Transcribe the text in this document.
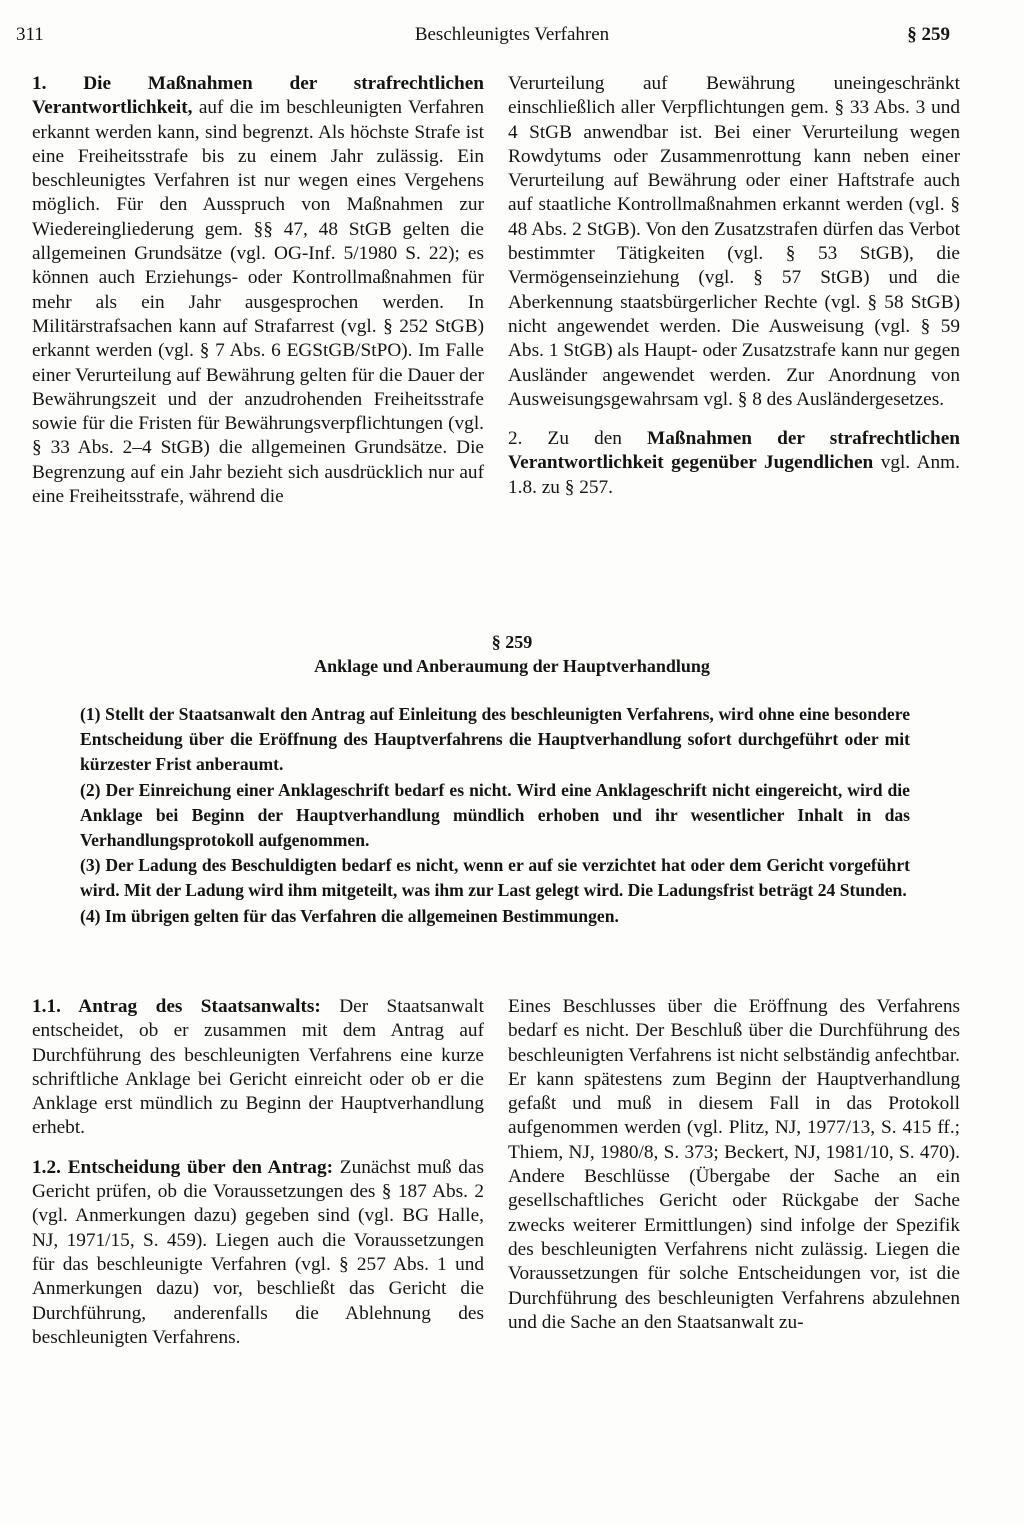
311	Beschleunigtes Verfahren	§ 259

1. Die Maßnahmen der strafrechtlichen Verantwortlichkeit, auf die im beschleunigten Verfahren erkannt werden kann, sind begrenzt. Als höchste Strafe ist eine Freiheitsstrafe bis zu einem Jahr zulässig. Ein beschleunigtes Verfahren ist nur wegen eines Vergehens möglich. Für den Ausspruch von Maßnahmen zur Wiedereingliederung gem. §§ 47, 48 StGB gelten die allgemeinen Grundsätze (vgl. OG-Inf. 5/1980 S. 22); es können auch Erziehungs- oder Kontrollmaßnahmen für mehr als ein Jahr ausgesprochen werden. In Militärstrafsachen kann auf Strafarrest (vgl. § 252 StGB) erkannt werden (vgl. § 7 Abs. 6 EGStGB/StPO). Im Falle einer Verurteilung auf Bewährung gelten für die Dauer der Bewährungszeit und der anzudrohenden Freiheitsstrafe sowie für die Fristen für Bewährungsverpflichtungen (vgl. § 33 Abs. 2–4 StGB) die allgemeinen Grundsätze. Die Begrenzung auf ein Jahr bezieht sich ausdrücklich nur auf eine Freiheitsstrafe, während die

Verurteilung auf Bewährung uneingeschränkt einschließlich aller Verpflichtungen gem. § 33 Abs. 3 und 4 StGB anwendbar ist. Bei einer Verurteilung wegen Rowdytums oder Zusammenrottung kann neben einer Verurteilung auf Bewährung oder einer Haftstrafe auch auf staatliche Kontrollmaßnahmen erkannt werden (vgl. § 48 Abs. 2 StGB). Von den Zusatzstrafen dürfen das Verbot bestimmter Tätigkeiten (vgl. § 53 StGB), die Vermögenseinziehung (vgl. § 57 StGB) und die Aberkennung staatsbürgerlicher Rechte (vgl. § 58 StGB) nicht angewendet werden. Die Ausweisung (vgl. § 59 Abs. 1 StGB) als Haupt- oder Zusatzstrafe kann nur gegen Ausländer angewendet werden. Zur Anordnung von Ausweisungsgewahrsam vgl. § 8 des Ausländergesetzes.

2. Zu den Maßnahmen der strafrechtlichen Verantwortlichkeit gegenüber Jugendlichen vgl. Anm. 1.8. zu § 257.

§ 259
Anklage und Anberaumung der Hauptverhandlung

(1) Stellt der Staatsanwalt den Antrag auf Einleitung des beschleunigten Verfahrens, wird ohne eine besondere Entscheidung über die Eröffnung des Hauptverfahrens die Hauptverhandlung sofort durchgeführt oder mit kürzester Frist anberaumt.

(2) Der Einreichung einer Anklageschrift bedarf es nicht. Wird eine Anklageschrift nicht eingereicht, wird die Anklage bei Beginn der Hauptverhandlung mündlich erhoben und ihr wesentlicher Inhalt in das Verhandlungsprotokoll aufgenommen.

(3) Der Ladung des Beschuldigten bedarf es nicht, wenn er auf sie verzichtet hat oder dem Gericht vorgeführt wird. Mit der Ladung wird ihm mitgeteilt, was ihm zur Last gelegt wird. Die Ladungsfrist beträgt 24 Stunden.

(4) Im übrigen gelten für das Verfahren die allgemeinen Bestimmungen.

1.1. Antrag des Staatsanwalts: Der Staatsanwalt entscheidet, ob er zusammen mit dem Antrag auf Durchführung des beschleunigten Verfahrens eine kurze schriftliche Anklage bei Gericht einreicht oder ob er die Anklage erst mündlich zu Beginn der Hauptverhandlung erhebt.

1.2. Entscheidung über den Antrag: Zunächst muß das Gericht prüfen, ob die Voraussetzungen des § 187 Abs. 2 (vgl. Anmerkungen dazu) gegeben sind (vgl. BG Halle, NJ, 1971/15, S. 459). Liegen auch die Voraussetzungen für das beschleunigte Verfahren (vgl. § 257 Abs. 1 und Anmerkungen dazu) vor, beschließt das Gericht die Durchführung, anderenfalls die Ablehnung des beschleunigten Verfahrens.

Eines Beschlusses über die Eröffnung des Verfahrens bedarf es nicht. Der Beschluß über die Durchführung des beschleunigten Verfahrens ist nicht selbständig anfechtbar. Er kann spätestens zum Beginn der Hauptverhandlung gefaßt und muß in diesem Fall in das Protokoll aufgenommen werden (vgl. Plitz, NJ, 1977/13, S. 415 ff.; Thiem, NJ, 1980/8, S. 373; Beckert, NJ, 1981/10, S. 470). Andere Beschlüsse (Übergabe der Sache an ein gesellschaftliches Gericht oder Rückgabe der Sache zwecks weiterer Ermittlungen) sind infolge der Spezifik des beschleunigten Verfahrens nicht zulässig. Liegen die Voraussetzungen für solche Entscheidungen vor, ist die Durchführung des beschleunigten Verfahrens abzulehnen und die Sache an den Staatsanwalt zu-
